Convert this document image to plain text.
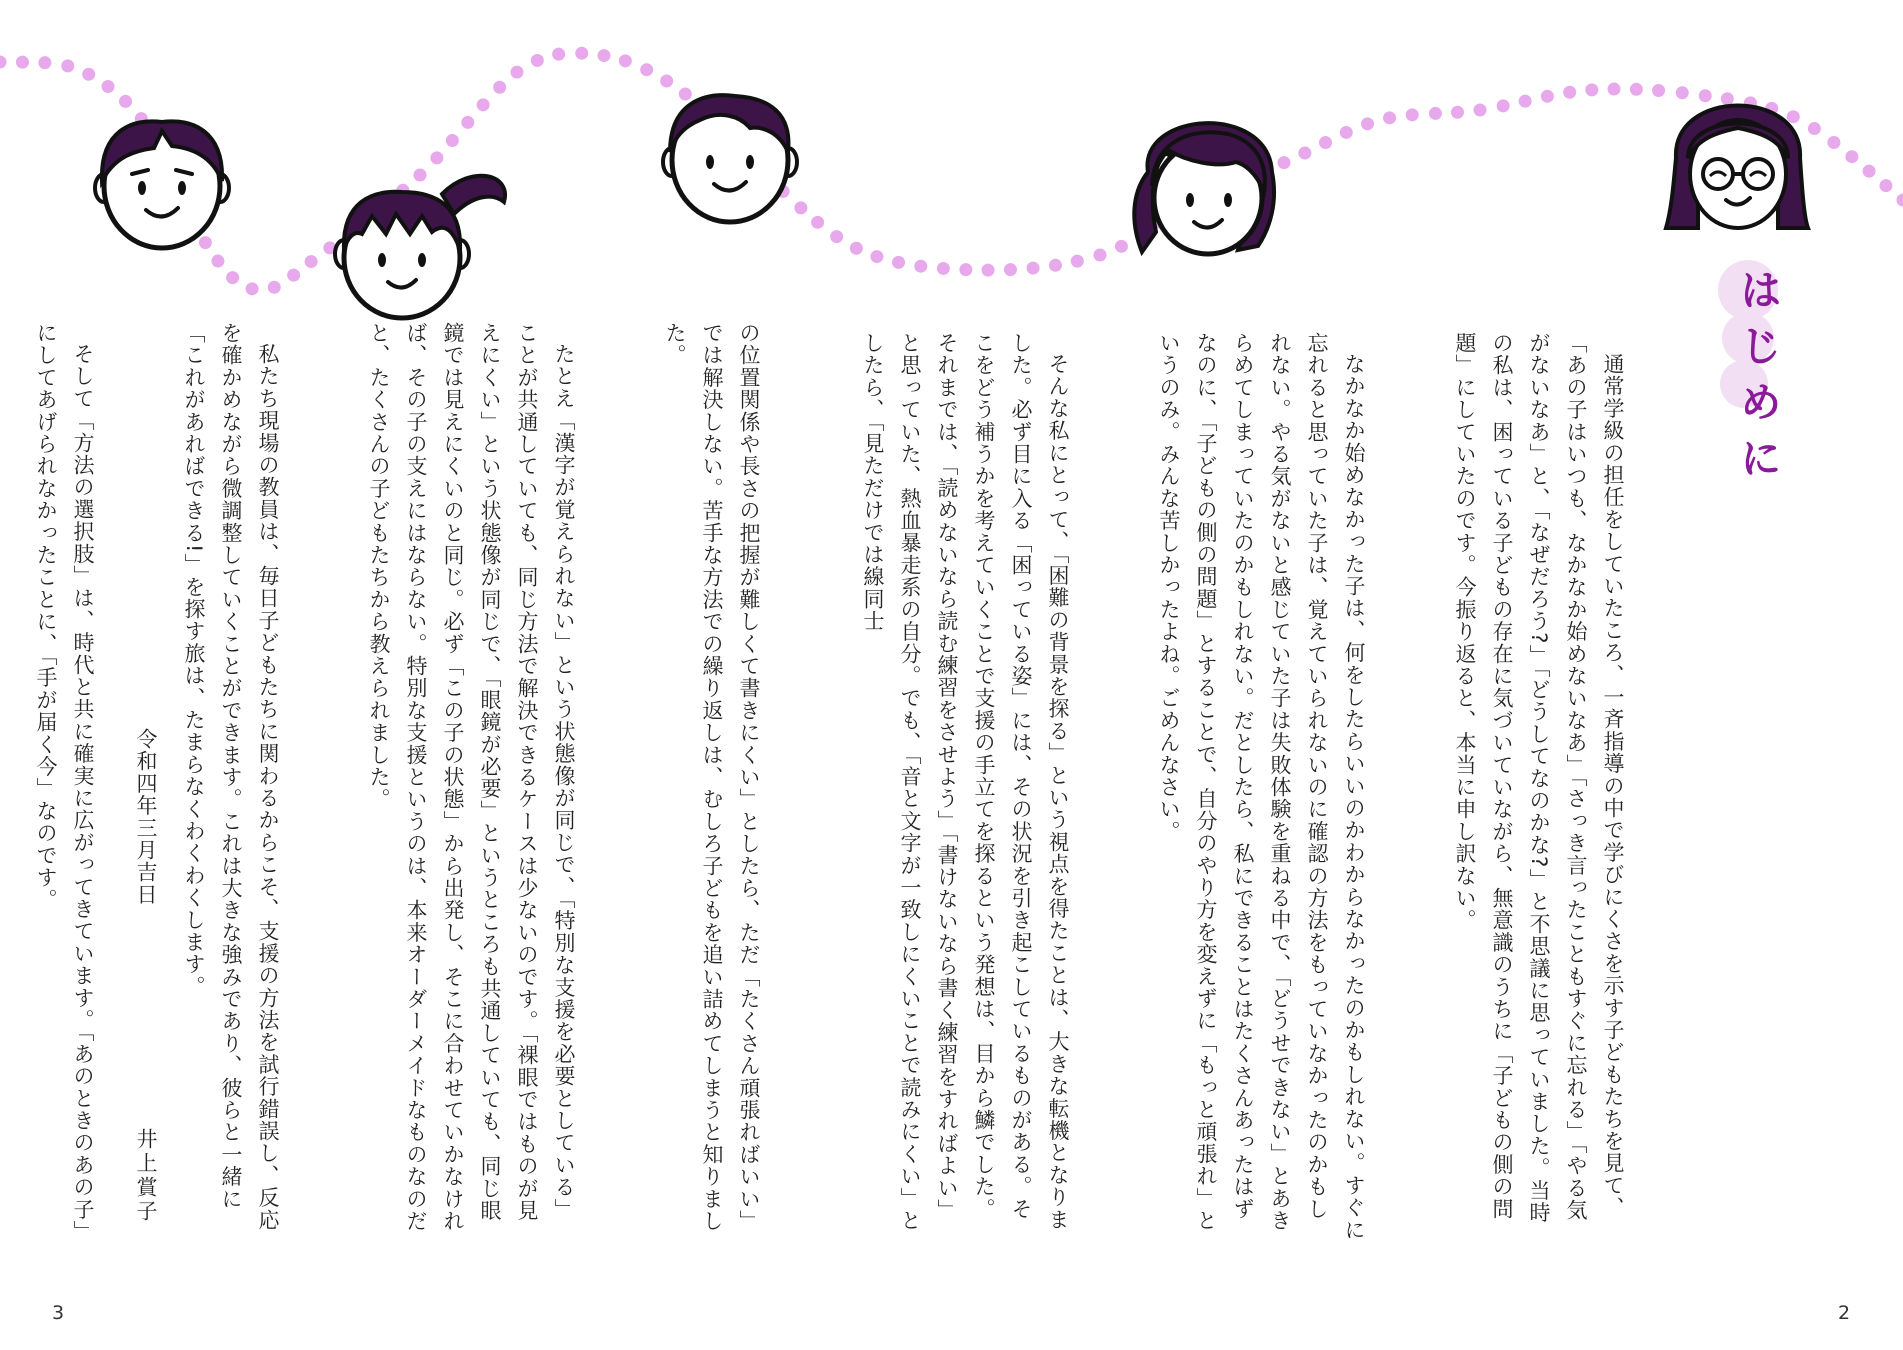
はじめに

通常学級の担任をしていたころ、一斉指導の中で学びにくさを示す子どもたちを見て、「あの子はいつも、なかなか始めないなあ」「さっき言ったこともすぐに忘れる」「やる気がないなあ」と、「なぜだろう?」「どうしてなのかな?」と不思議に思っていました。当時の私は、困っている子どもの存在に気づいていながら、無意識のうちに「子どもの側の問題」にしていたのです。今振り返ると、本当に申し訳ない。

なかなか始めなかった子は、何をしたらいいのかわからなかったのかもしれない。すぐに忘れると思っていた子は、覚えていられないのに確認の方法をもっていなかったのかもしれない。やる気がないと感じていた子は失敗体験を重ねる中で、「どうせできない」とあきらめてしまっていたのかもしれない。だとしたら、私にできることはたくさんあったはずなのに、「子どもの側の問題」とすることで、自分のやり方を変えずに「もっと頑張れ」というのみ。みんな苦しかったよね。ごめんなさい。

そんな私にとって、「困難の背景を探る」という視点を得たことは、大きな転機となりました。必ず目に入る「困っている姿」には、その状況を引き起こしているものがある。そこをどう補うかを考えていくことで支援の手立てを探るという発想は、目から鱗でした。それまでは、「読めないなら読む練習をさせよう」「書けないなら書く練習をすればよい」と思っていた、熱血暴走系の自分。でも、「音と文字が一致しにくいことで読みにくい」としたら、「見ただけでは線同士

の位置関係や長さの把握が難しくて書きにくい」としたら、ただ「たくさん頑張ればいい」では解決しない。苦手な方法での繰り返しは、むしろ子どもを追い詰めてしまうと知りました。

たとえ「漢字が覚えられない」という状態像が同じで、「特別な支援を必要としている」ことが共通していても、同じ方法で解決できるケースは少ないのです。「裸眼ではものが見えにくい」という状態像が同じで、「眼鏡が必要」というところも共通していても、同じ眼鏡では見えにくいのと同じ。必ず「この子の状態」から出発し、そこに合わせていかなければ、その子の支えにはならない。特別な支援というのは、本来オーダーメイドなものなのだと、たくさんの子どもたちから教えられました。

私たち現場の教員は、毎日子どもたちに関わるからこそ、支援の方法を試行錯誤し、反応を確かめながら微調整していくことができます。これは大きな強みであり、彼らと一緒に「これがあればできる!」を探す旅は、たまらなくわくわくします。

そして「方法の選択肢」は、時代と共に確実に広がってきています。「あのときのあの子」にしてあげられなかったことに、「手が届く今」なのです。

	令和四年三月吉日
井上賞子
3	2
